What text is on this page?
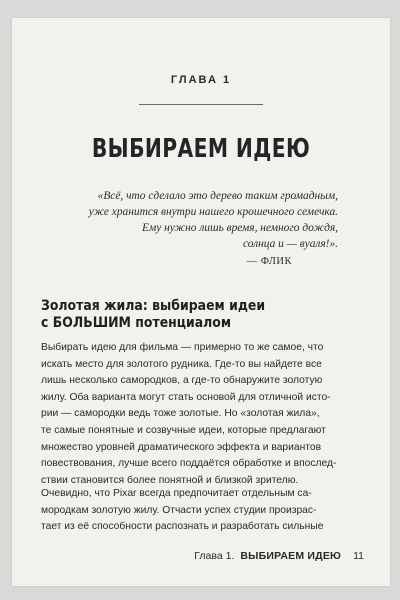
ГЛАВА 1
ВЫБИРАЕМ ИДЕЮ
«Всё, что сделало это дерево таким громадным,
уже хранится внутри нашего крошечного семечка.
Ему нужно лишь время, немного дождя,
солнца и — вуаля!».
— ФЛИК
Золотая жила: выбираем идеи
с БОЛЬШИМ потенциалом
Выбирать идею для фильма — примерно то же самое, что
искать место для золотого рудника. Где-то вы найдете все
лишь несколько самородков, а где-то обнаружите золотую
жилу. Оба варианта могут стать основой для отличной исто-
рии — самородки ведь тоже золотые. Но «золотая жила»,
те самые понятные и созвучные идеи, которые предлагают
множество уровней драматического эффекта и вариантов
повествования, лучше всего поддаётся обработке и впослед-
ствии становится более понятной и близкой зрителю.
Очевидно, что Pixar всегда предпочитает отдельным са-
мородкам золотую жилу. Отчасти успех студии произрас-
тает из её способности распознать и разработать сильные
Глава 1. ВЫБИРАЕМ ИДЕЮ 11
